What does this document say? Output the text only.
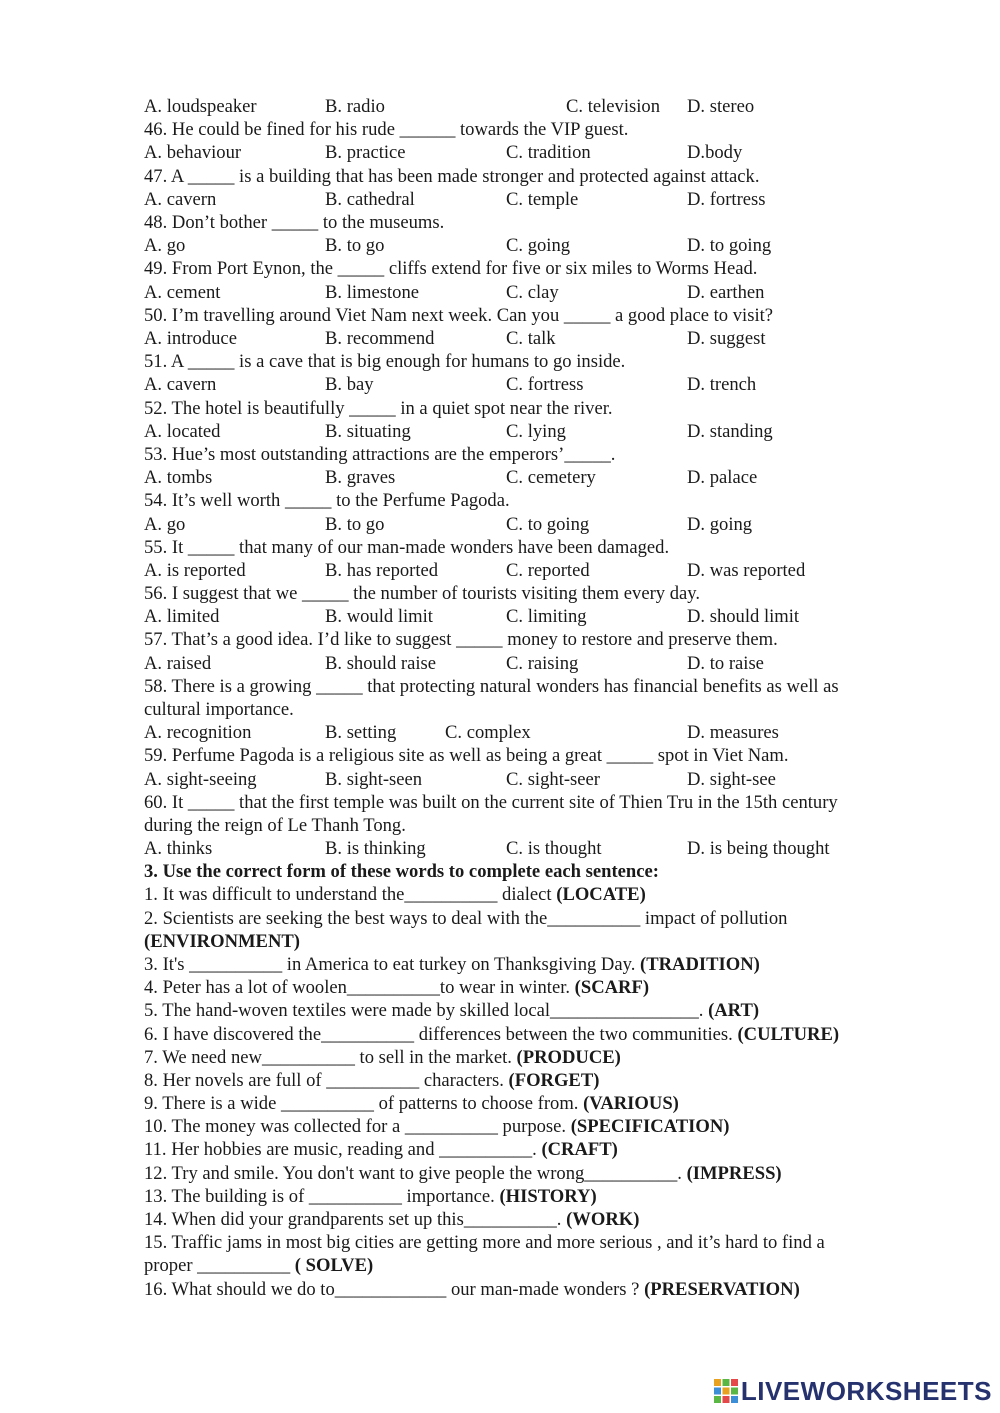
A. loudspeaker	B. radio	C. television D. stereo
46. He could be fined for his rude ______ towards the VIP guest.
A. behaviour	B. practice	C. tradition	D.body
47. A _____ is a building that has been made stronger and protected against attack.
A. cavern	B. cathedral	C. temple	D. fortress
48. Don’t bother _____ to the museums.
A. go	B. to go	C. going	D. to going
49. From Port Eynon, the _____ cliffs extend for five or six miles to Worms Head.
A. cement	B. limestone	C. clay	D. earthen
50. I’m travelling around Viet Nam next week. Can you _____ a good place to visit?
A. introduce	B. recommend	C. talk	D. suggest
51. A _____ is a cave that is big enough for humans to go inside.
A. cavern	B. bay	C. fortress	D. trench
52. The hotel is beautifully _____ in a quiet spot near the river.
A. located	B. situating	C. lying	D. standing
53. Hue’s most outstanding attractions are the emperors’_____.
A. tombs	B. graves	C. cemetery	D. palace
54. It’s well worth _____ to the Perfume Pagoda.
A. go	B. to go	C. to going	D. going
55. It _____ that many of our man-made wonders have been damaged.
A. is reported	B. has reported	C. reported	D. was reported
56. I suggest that we _____ the number of tourists visiting them every day.
A. limited	B. would limit	C. limiting	D. should limit
57. That’s a good idea. I’d like to suggest _____ money to restore and preserve them.
A. raised	B. should raise	C. raising	D. to raise
58. There is a growing _____ that protecting natural wonders has financial benefits as well as
cultural importance.
A. recognition	B. setting	C. complex	D. measures
59. Perfume Pagoda is a religious site as well as being a great _____ spot in Viet Nam.
A. sight-seeing	B. sight-seen	C. sight-seer	D. sight-see
60. It _____ that the first temple was built on the current site of Thien Tru in the 15th century
during the reign of Le Thanh Tong.
A. thinks	B. is thinking	C. is thought	D. is being thought
3. Use the correct form of these words to complete each sentence:
1. It was difficult to understand the__________ dialect (LOCATE)
2. Scientists are seeking the best ways to deal with the__________ impact of pollution
(ENVIRONMENT)
3. It's __________ in America to eat turkey on Thanksgiving Day. (TRADITION)
4. Peter has a lot of woolen__________to wear in winter. (SCARF)
5. The hand-woven textiles were made by skilled local________________. (ART)
6. I have discovered the__________ differences between the two communities. (CULTURE)
7. We need new__________ to sell in the market. (PRODUCE)
8. Her novels are full of __________ characters. (FORGET)
9. There is a wide __________ of patterns to choose from. (VARIOUS)
10. The money was collected for a __________ purpose. (SPECIFICATION)
11. Her hobbies are music, reading and __________. (CRAFT)
12. Try and smile. You don't want to give people the wrong__________. (IMPRESS)
13. The building is of __________ importance. (HISTORY)
14. When did your grandparents set up this__________. (WORK)
15. Traffic jams in most big cities are getting more and more serious , and it’s hard to find a
proper __________ ( SOLVE)
16. What should we do to____________ our man-made wonders ? (PRESERVATION)
LIVEWORKSHEETS
